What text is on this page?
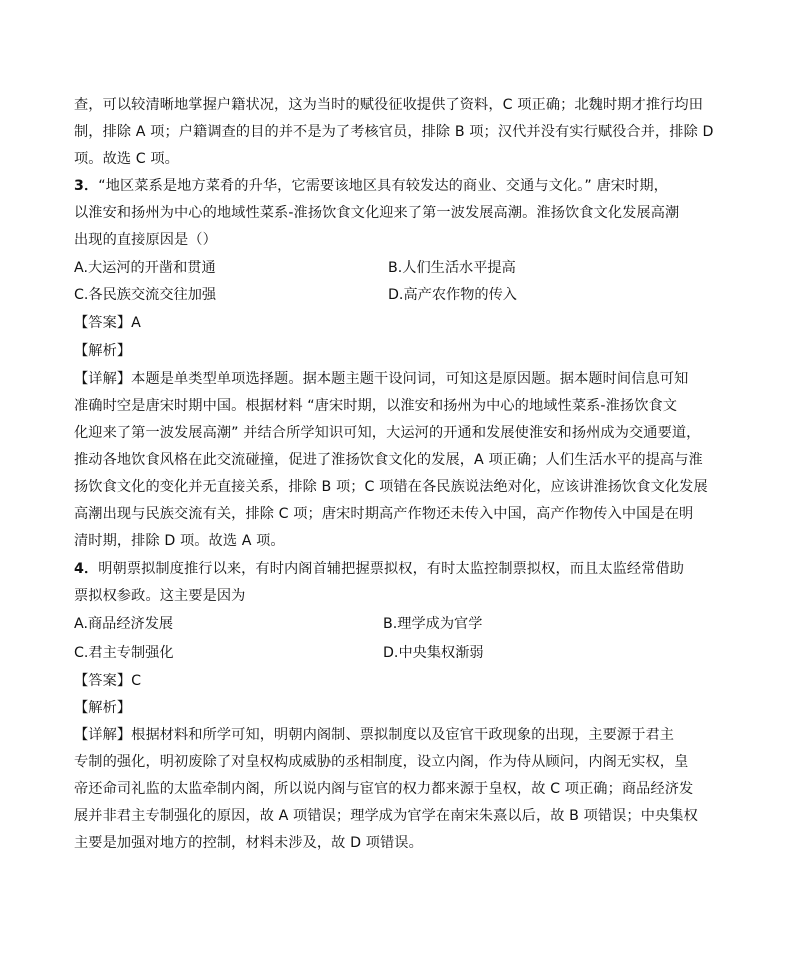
查，可以较清晰地掌握户籍状况，这为当时的赋役征收提供了资料，C 项正确；北魏时期才推行均田
制，排除 A 项；户籍调查的目的并不是为了考核官员，排除 B 项；汉代并没有实行赋役合并，排除 D
项。故选 C 项。
3．“地区菜系是地方菜肴的升华，它需要该地区具有较发达的商业、交通与文化。” 唐宋时期，
以淮安和扬州为中心的地域性菜系-淮扬饮食文化迎来了第一波发展高潮。淮扬饮食文化发展高潮
出现的直接原因是（）
A.大运河的开凿和贯通	B.人们生活水平提高
C.各民族交流交往加强	D.高产农作物的传入
【答案】A
【解析】
【详解】本题是单类型单项选择题。据本题主题干设问词，可知这是原因题。据本题时间信息可知
准确时空是唐宋时期中国。根据材料 “唐宋时期，以淮安和扬州为中心的地域性菜系-淮扬饮食文
化迎来了第一波发展高潮” 并结合所学知识可知，大运河的开通和发展使淮安和扬州成为交通要道，
推动各地饮食风格在此交流碰撞，促进了淮扬饮食文化的发展，A 项正确；人们生活水平的提高与淮
扬饮食文化的变化并无直接关系，排除 B 项；C 项错在各民族说法绝对化，应该讲淮扬饮食文化发展
高潮出现与民族交流有关，排除 C 项；唐宋时期高产作物还未传入中国，高产作物传入中国是在明
清时期，排除 D 项。故选 A 项。
4．明朝票拟制度推行以来，有时内阁首辅把握票拟权，有时太监控制票拟权，而且太监经常借助
票拟权参政。这主要是因为
A.商品经济发展	B.理学成为官学
C.君主专制强化	D.中央集权渐弱
【答案】C
【解析】
【详解】根据材料和所学可知，明朝内阁制、票拟制度以及宦官干政现象的出现，主要源于君主
专制的强化，明初废除了对皇权构成威胁的丞相制度，设立内阁，作为侍从顾问，内阁无实权，皇
帝还命司礼监的太监牵制内阁，所以说内阁与宦官的权力都来源于皇权，故 C 项正确；商品经济发
展并非君主专制强化的原因，故 A 项错误；理学成为官学在南宋朱熹以后，故 B 项错误；中央集权
主要是加强对地方的控制，材料未涉及，故 D 项错误。
